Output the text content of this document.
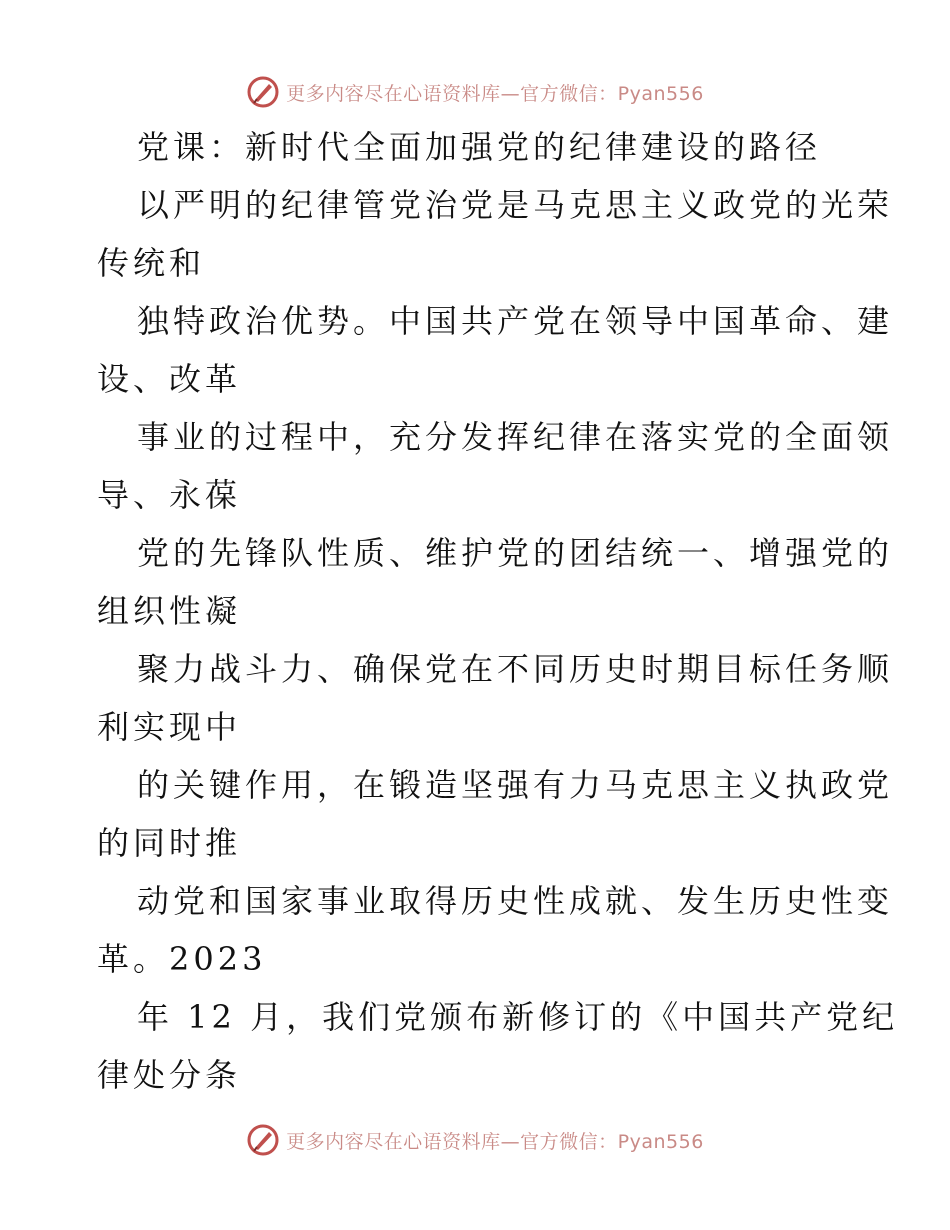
更多内容尽在心语资料库—官方微信：Pyan556
党课：新时代全面加强党的纪律建设的路径
以严明的纪律管党治党是马克思主义政党的光荣
传统和
独特政治优势。中国共产党在领导中国革命、建
设、改革
事业的过程中，充分发挥纪律在落实党的全面领
导、永葆
党的先锋队性质、维护党的团结统一、增强党的
组织性凝
聚力战斗力、确保党在不同历史时期目标任务顺
利实现中
的关键作用，在锻造坚强有力马克思主义执政党
的同时推
动党和国家事业取得历史性成就、发生历史性变
革。2023
年 12 月，我们党颁布新修订的《中国共产党纪
律处分条
更多内容尽在心语资料库—官方微信：Pyan556
